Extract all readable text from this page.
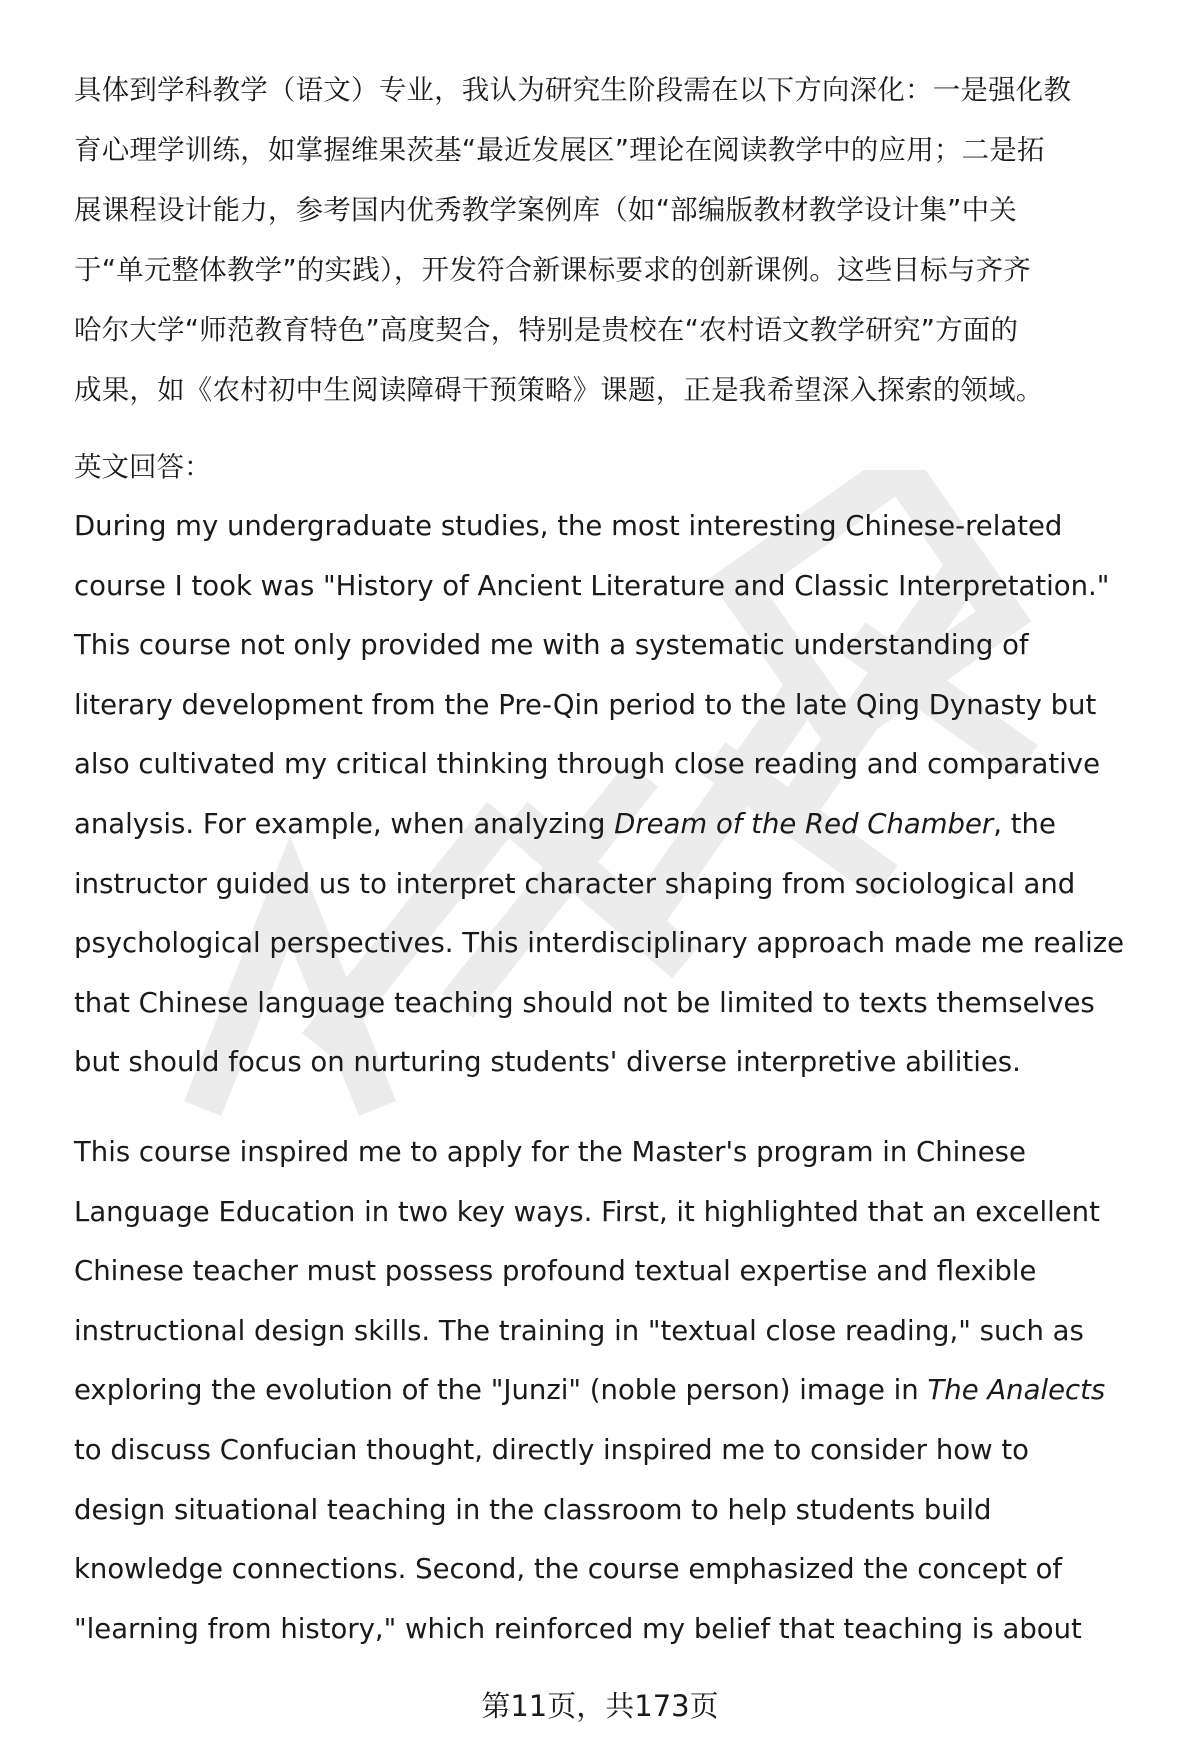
具体到学科教学（语文）专业，我认为研究生阶段需在以下方向深化：一是强化教
育心理学训练，如掌握维果茨基“最近发展区”理论在阅读教学中的应用；二是拓
展课程设计能力，参考国内优秀教学案例库（如“部编版教材教学设计集”中关
于“单元整体教学”的实践），开发符合新课标要求的创新课例。这些目标与齐齐
哈尔大学“师范教育特色”高度契合，特别是贵校在“农村语文教学研究”方面的
成果，如《农村初中生阅读障碍干预策略》课题，正是我希望深入探索的领域。
英文回答：
During my undergraduate studies, the most interesting Chinese-related
course I took was "History of Ancient Literature and Classic Interpretation."
This course not only provided me with a systematic understanding of
literary development from the Pre-Qin period to the late Qing Dynasty but
also cultivated my critical thinking through close reading and comparative
analysis. For example, when analyzing Dream of the Red Chamber, the
instructor guided us to interpret character shaping from sociological and
psychological perspectives. This interdisciplinary approach made me realize
that Chinese language teaching should not be limited to texts themselves
but should focus on nurturing students' diverse interpretive abilities.
This course inspired me to apply for the Master's program in Chinese
Language Education in two key ways. First, it highlighted that an excellent
Chinese teacher must possess profound textual expertise and flexible
instructional design skills. The training in "textual close reading," such as
exploring the evolution of the "Junzi" (noble person) image in The Analects
to discuss Confucian thought, directly inspired me to consider how to
design situational teaching in the classroom to help students build
knowledge connections. Second, the course emphasized the concept of
"learning from history," which reinforced my belief that teaching is about
第11页，共173页
